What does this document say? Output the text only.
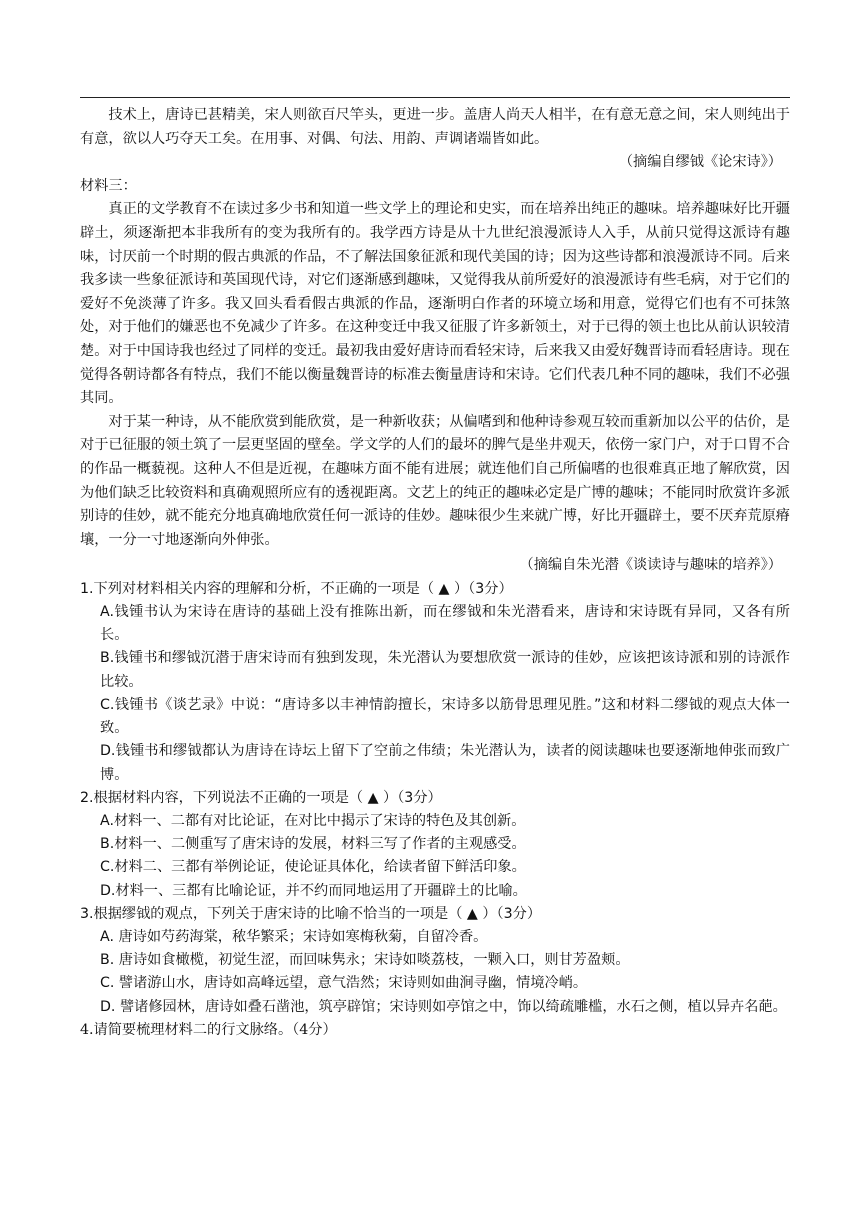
技术上，唐诗已甚精美，宋人则欲百尺竿头，更进一步。盖唐人尚天人相半，在有意无意之间，宋人则纯出于有意，欲以人巧夺天工矣。在用事、对偶、句法、用韵、声调诸端皆如此。

（摘编自缪钺《论宋诗》）

材料三：

真正的文学教育不在读过多少书和知道一些文学上的理论和史实，而在培养出纯正的趣味。培养趣味好比开疆辟土，须逐渐把本非我所有的变为我所有的。我学西方诗是从十九世纪浪漫派诗人入手，从前只觉得这派诗有趣味，讨厌前一个时期的假古典派的作品，不了解法国象征派和现代美国的诗；因为这些诗都和浪漫派诗不同。后来我多读一些象征派诗和英国现代诗，对它们逐渐感到趣味，又觉得我从前所爱好的浪漫派诗有些毛病，对于它们的爱好不免淡薄了许多。我又回头看看假古典派的作品，逐渐明白作者的环境立场和用意，觉得它们也有不可抹煞处，对于他们的嫌恶也不免减少了许多。在这种变迁中我又征服了许多新领土，对于已得的领土也比从前认识较清楚。对于中国诗我也经过了同样的变迁。最初我由爱好唐诗而看轻宋诗，后来我又由爱好魏晋诗而看轻唐诗。现在觉得各朝诗都各有特点，我们不能以衡量魏晋诗的标准去衡量唐诗和宋诗。它们代表几种不同的趣味，我们不必强其同。

对于某一种诗，从不能欣赏到能欣赏，是一种新收获；从偏嗜到和他种诗参观互较而重新加以公平的估价，是对于已征服的领土筑了一层更坚固的壁垒。学文学的人们的最坏的脾气是坐井观天，依傍一家门户，对于口胃不合的作品一概藐视。这种人不但是近视，在趣味方面不能有进展；就连他们自己所偏嗜的也很难真正地了解欣赏，因为他们缺乏比较资料和真确观照所应有的透视距离。文艺上的纯正的趣味必定是广博的趣味；不能同时欣赏许多派别诗的佳妙，就不能充分地真确地欣赏任何一派诗的佳妙。趣味很少生来就广博，好比开疆辟土，要不厌弃荒原瘠壤，一分一寸地逐渐向外伸张。

（摘编自朱光潜《谈读诗与趣味的培养》）

1.下列对材料相关内容的理解和分析，不正确的一项是（ ▲ ）（3分）

A.钱锺书认为宋诗在唐诗的基础上没有推陈出新，而在缪钺和朱光潜看来，唐诗和宋诗既有异同，又各有所长。

B.钱锺书和缪钺沉潜于唐宋诗而有独到发现，朱光潜认为要想欣赏一派诗的佳妙，应该把该诗派和别的诗派作比较。

C.钱锺书《谈艺录》中说：“唐诗多以丰神情韵擅长，宋诗多以筋骨思理见胜。”这和材料二缪钺的观点大体一致。

D.钱锺书和缪钺都认为唐诗在诗坛上留下了空前之伟绩；朱光潜认为，读者的阅读趣味也要逐渐地伸张而致广博。

2.根据材料内容，下列说法不正确的一项是（ ▲ ）（3分）

A.材料一、二都有对比论证，在对比中揭示了宋诗的特色及其创新。

B.材料一、二侧重写了唐宋诗的发展，材料三写了作者的主观感受。

C.材料二、三都有举例论证，使论证具体化，给读者留下鲜活印象。

D.材料一、三都有比喻论证，并不约而同地运用了开疆辟土的比喻。

3.根据缪钺的观点，下列关于唐宋诗的比喻不恰当的一项是（ ▲ ）（3分）

A. 唐诗如芍药海棠，秾华繁采；宋诗如寒梅秋菊，自留冷香。

B. 唐诗如食橄榄，初觉生涩，而回味隽永；宋诗如啖荔枝，一颗入口，则甘芳盈颊。

C. 譬诸游山水，唐诗如高峰远望，意气浩然；宋诗则如曲涧寻幽，情境冷峭。

D. 譬诸修园林，唐诗如叠石凿池，筑亭辟馆；宋诗则如亭馆之中，饰以绮疏雕槛，水石之侧，植以异卉名葩。

4.请简要梳理材料二的行文脉络。（4分）
